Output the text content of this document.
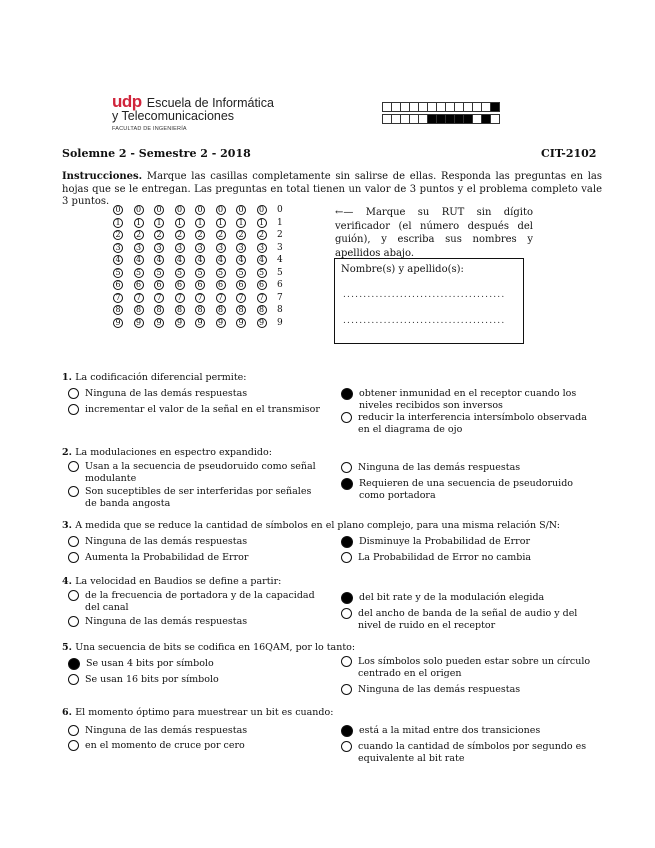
udp Escuela de Informática
y Telecomunicaciones
FACULTAD DE INGENIERÍA
Solemne 2 - Semestre 2 - 2018	CIT-2102
Instrucciones. Marque las casillas completamente sin salirse de ellas. Responda las preguntas en las hojas que se le entregan. Las preguntas en total tienen un valor de 3 puntos y el problema completo vale 3 puntos.
0	0	0	0	0	0	0	0 0
1	1	1	1	1	1	1	1 1
2	2	2	2	2	2	2	2 2
3	3	3	3	3	3	3	3 3
4	4	4	4	4	4	4	4 4
5	5	5	5	5	5	5	5 5
6	6	6	6	6	6	6	6 6
7	7	7	7	7	7	7	7 7
8	8	8	8	8	8	8	8 8
9	9	9	9	9	9	9	9 9
←— Marque su RUT sin dígito verificador (el número después del guión), y escriba sus nombres y apellidos abajo.
Nombre(s) y apellido(s):
........................................
........................................
1. La codificación diferencial permite:
Ninguna de las demás respuestas
incrementar el valor de la señal en el transmisor
obtener inmunidad en el receptor cuando los niveles recibidos son inversos
reducir la interferencia intersímbolo observada en el diagrama de ojo
2. La modulaciones en espectro expandido:
Usan a la secuencia de pseudoruido como señal modulante
Son suceptibles de ser interferidas por señales de banda angosta
Ninguna de las demás respuestas
Requieren de una secuencia de pseudoruido como portadora
3. A medida que se reduce la cantidad de símbolos en el plano complejo, para una misma relación S/N:
Ninguna de las demás respuestas
Aumenta la Probabilidad de Error
Disminuye la Probabilidad de Error
La Probabilidad de Error no cambia
4. La velocidad en Baudios se define a partir:
de la frecuencia de portadora y de la capacidad del canal
Ninguna de las demás respuestas
del bit rate y de la modulación elegida
del ancho de banda de la señal de audio y del nivel de ruido en el receptor
5. Una secuencia de bits se codifica en 16QAM, por lo tanto:
Se usan 4 bits por símbolo
Se usan 16 bits por símbolo
Los símbolos solo pueden estar sobre un círculo centrado en el origen
Ninguna de las demás respuestas
6. El momento óptimo para muestrear un bit es cuando:
Ninguna de las demás respuestas
en el momento de cruce por cero
está a la mitad entre dos transiciones
cuando la cantidad de símbolos por segundo es equivalente al bit rate
